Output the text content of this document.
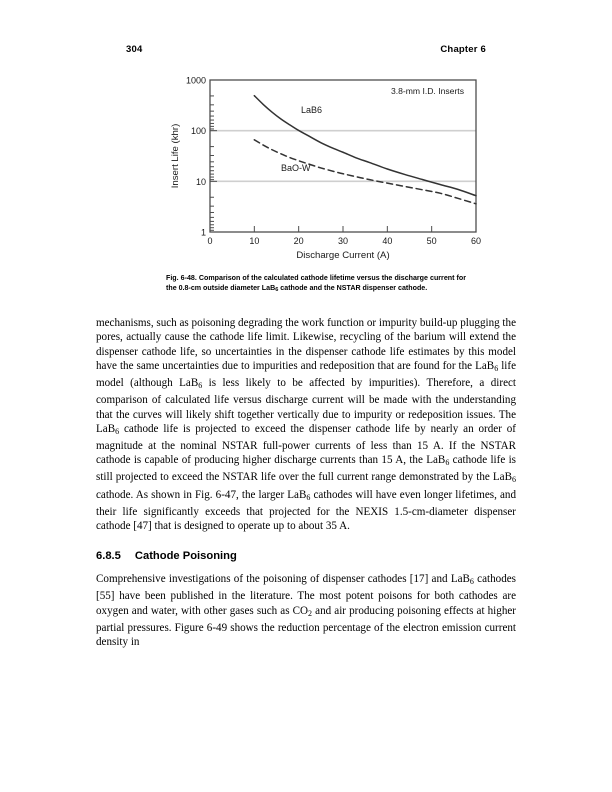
304	Chapter 6
1000
100
10
1
0	10	20	30	40	50	60
Discharge Current (A)
Insert Life (khr)
LaB6
BaO-W
3.8-mm I.D. Inserts
Fig. 6-48. Comparison of the calculated cathode lifetime versus the discharge current for the 0.8-cm outside diameter LaB$_6$ cathode and the NSTAR dispenser cathode.

mechanisms, such as poisoning degrading the work function or impurity build-up plugging the pores, actually cause the cathode life limit. Likewise, recycling of the barium will extend the dispenser cathode life, so uncertainties in the dispenser cathode life estimates by this model have the same uncertainties due to impurities and redeposition that are found for the LaB$_6$ life model (although LaB$_6$ is less likely to be affected by impurities). Therefore, a direct comparison of calculated life versus discharge current will be made with the understanding that the curves will likely shift together vertically due to impurity or redeposition issues. The LaB$_6$ cathode life is projected to exceed the dispenser cathode life by nearly an order of magnitude at the nominal NSTAR full-power currents of less than 15 A. If the NSTAR cathode is capable of producing higher discharge currents than 15 A, the LaB$_6$ cathode life is still projected to exceed the NSTAR life over the full current range demonstrated by the LaB$_6$ cathode. As shown in Fig. 6-47, the larger LaB$_6$ cathodes will have even longer lifetimes, and their life significantly exceeds that projected for the NEXIS 1.5-cm-diameter dispenser cathode [47] that is designed to operate up to about 35 A.

6.8.5 Cathode Poisoning

Comprehensive investigations of the poisoning of dispenser cathodes [17] and LaB$_6$ cathodes [55] have been published in the literature. The most potent poisons for both cathodes are oxygen and water, with other gases such as $CO_2$ and air producing poisoning effects at higher partial pressures. Figure 6-49 shows the reduction percentage of the electron emission current density in
